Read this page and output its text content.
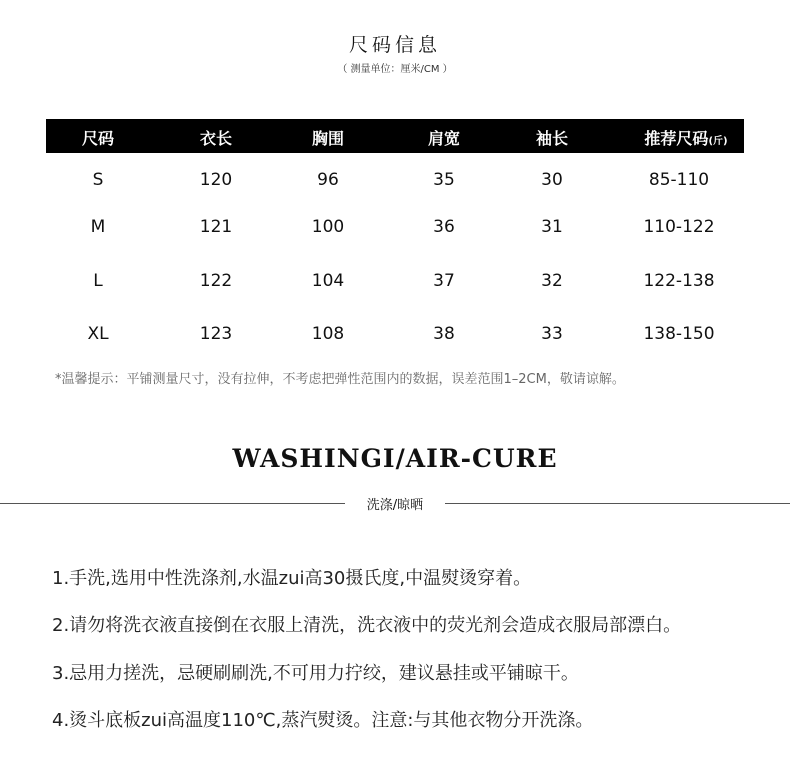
尺码信息
（ 测量单位：厘米/CM ）
尺码	衣长	胸围	肩宽	袖长	推荐尺码(斤)
S	120	96	35	30	85-110
M	121	100	36	31	110-122
L	122	104	37	32	122-138
XL	123	108	38	33	138-150
*温馨提示：平铺测量尺寸，没有拉伸，不考虑把弹性范围内的数据，误差范围1–2CM，敬请谅解。
WASHINGI/AIR-CURE
洗涤/晾晒
1.手洗,选用中性洗涤剂,水温zui高30摄氏度,中温熨烫穿着。
2.请勿将洗衣液直接倒在衣服上清洗，洗衣液中的荧光剂会造成衣服局部漂白。
3.忌用力搓洗，忌硬刷刷洗,不可用力拧绞，建议悬挂或平铺晾干。
4.烫斗底板zui高温度110℃,蒸汽熨烫。注意:与其他衣物分开洗涤。
